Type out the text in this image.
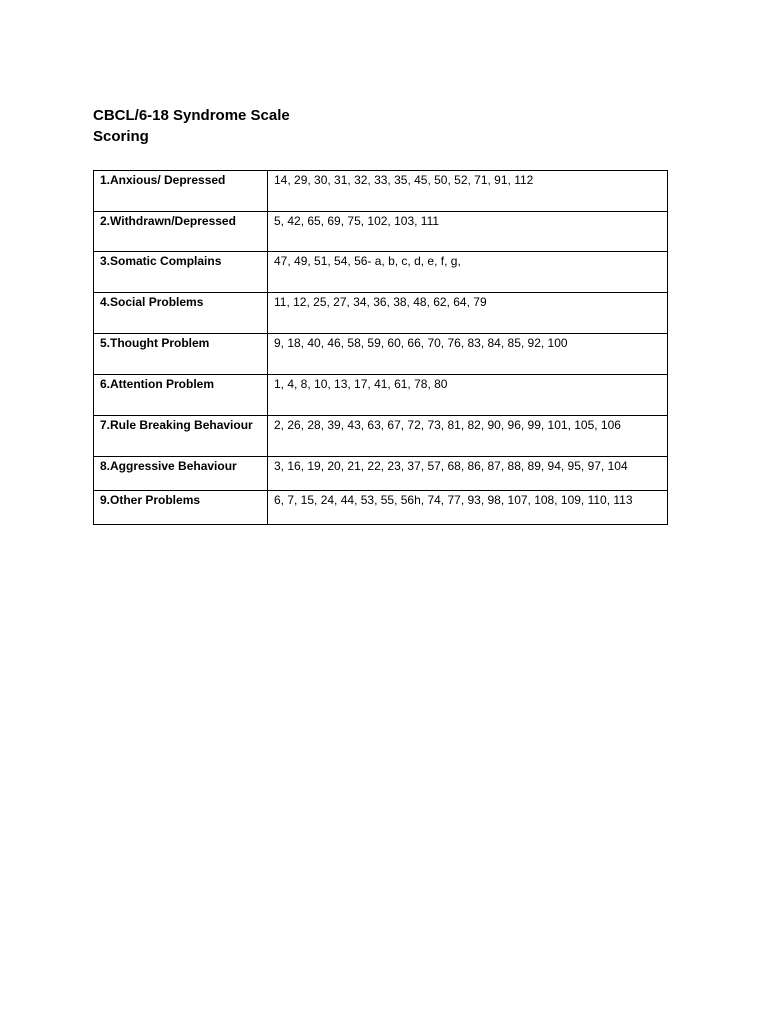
CBCL/6-18 Syndrome Scale
Scoring
1.Anxious/ Depressed	14, 29, 30, 31, 32, 33, 35, 45, 50, 52, 71, 91, 112
2.Withdrawn/Depressed	5, 42, 65, 69, 75, 102, 103, 111
3.Somatic Complains	47, 49, 51, 54, 56- a, b, c, d, e, f, g,
4.Social Problems	11, 12, 25, 27, 34, 36, 38, 48, 62, 64, 79
5.Thought Problem	9, 18, 40, 46, 58, 59, 60, 66, 70, 76, 83, 84, 85, 92, 100
6.Attention Problem	1, 4, 8, 10, 13, 17, 41, 61, 78, 80
7.Rule Breaking Behaviour	2, 26, 28, 39, 43, 63, 67, 72, 73, 81, 82, 90, 96, 99, 101, 105, 106
8.Aggressive Behaviour	3, 16, 19, 20, 21, 22, 23, 37, 57, 68, 86, 87, 88, 89, 94, 95, 97, 104
9.Other Problems	6, 7, 15, 24, 44, 53, 55, 56h, 74, 77, 93, 98, 107, 108, 109, 110, 113
